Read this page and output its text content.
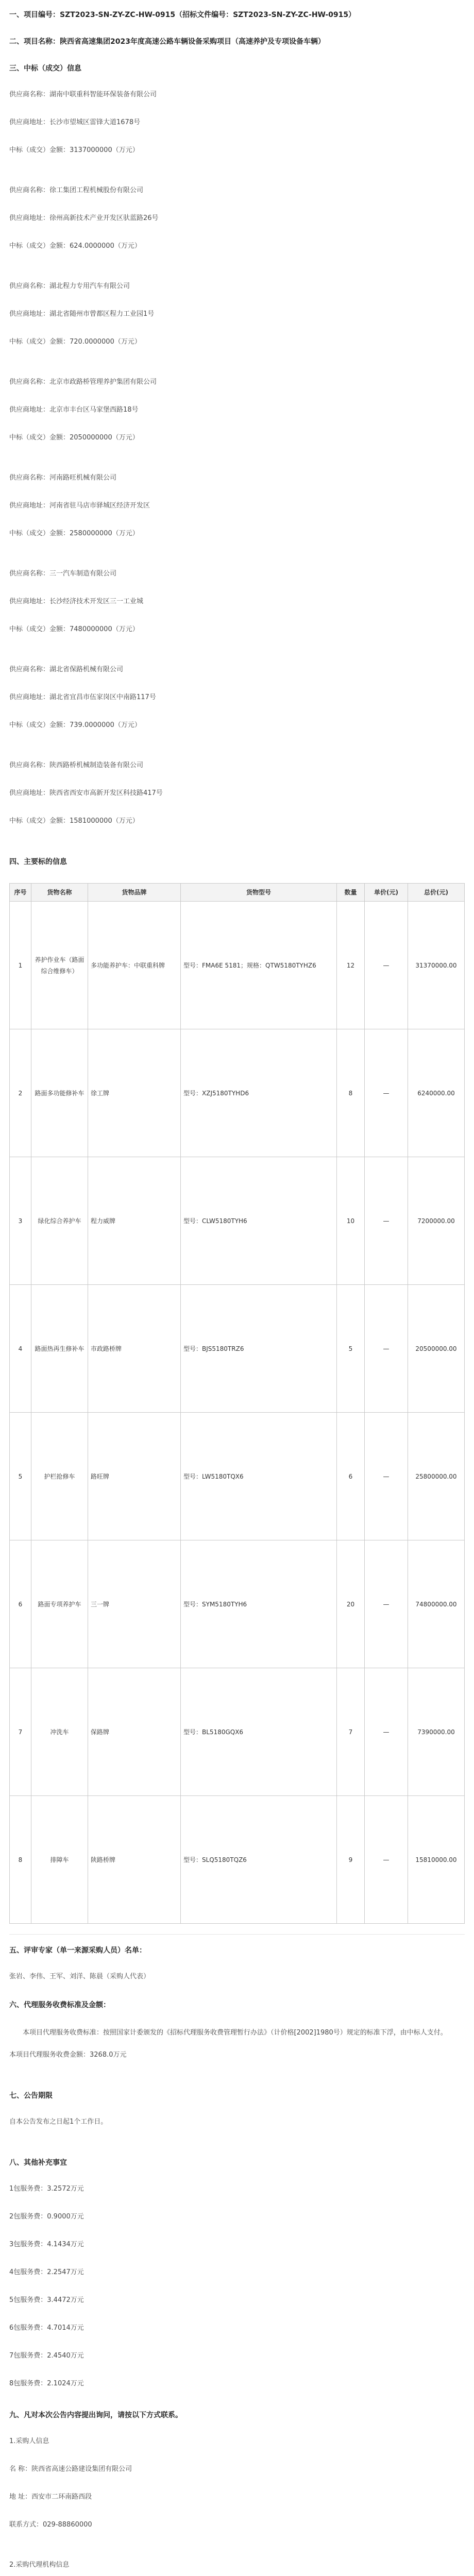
一、项目编号：SZT2023-SN-ZY-ZC-HW-0915（招标文件编号：SZT2023-SN-ZY-ZC-HW-0915）
二、项目名称：陕西省高速集团2023年度高速公路车辆设备采购项目（高速养护及专项设备车辆）
三、中标（成交）信息
供应商名称：湖南中联重科智能环保装备有限公司
供应商地址：长沙市望城区雷锋大道1678号
中标（成交）金额：3137000000（万元）
供应商名称：徐工集团工程机械股份有限公司
供应商地址：徐州高新技术产业开发区驮蓝路26号
中标（成交）金额：624.0000000（万元）
供应商名称：湖北程力专用汽车有限公司
供应商地址：湖北省随州市曾都区程力工业园1号
中标（成交）金额：720.0000000（万元）
供应商名称：北京市政路桥管理养护集团有限公司
供应商地址：北京市丰台区马家堡西路18号
中标（成交）金额：2050000000（万元）
供应商名称：河南路旺机械有限公司
供应商地址：河南省驻马店市驿城区经济开发区
中标（成交）金额：2580000000（万元）
供应商名称：三一汽车制造有限公司
供应商地址：长沙经济技术开发区三一工业城
中标（成交）金额：7480000000（万元）
供应商名称：湖北省保路机械有限公司
供应商地址：湖北省宜昌市伍家岗区中南路117号
中标（成交）金额：739.0000000（万元）
供应商名称：陕西路桥机械制造装备有限公司
供应商地址：陕西省西安市高新开发区科技路417号
中标（成交）金额：1581000000（万元）
四、主要标的信息
序号	货物名称	货物品牌	货物型号	数量	单价(元)	总价(元)
1	养护作业车（路面综合维修车）	多功能养护车：中联重科牌	型号：FMA6E 5181；规格：QTW5180TYHZ6	12	—	31370000.00
2	路面多功能修补车	徐工牌	型号：XZJ5180TYHD6	8	—	6240000.00
3	绿化综合养护车	程力威牌	型号：CLW5180TYH6	10	—	7200000.00
4	路面热再生修补车	市政路桥牌	型号：BJS5180TRZ6	5	—	20500000.00
5	护栏抢修车	路旺牌	型号：LW5180TQX6	6	—	25800000.00
6	路面专项养护车	三一牌	型号：SYM5180TYH6	20	—	74800000.00
7	冲洗车	保路牌	型号：BL5180GQX6	7	—	7390000.00
8	排障车	陕路桥牌	型号：SLQ5180TQZ6	9	—	15810000.00
五、评审专家（单一来源采购人员）名单：
张岩、李伟、王军、刘洋、陈晨（采购人代表）
六、代理服务收费标准及金额：
本项目代理服务收费标准：按照国家计委颁发的《招标代理服务收费管理暂行办法》（计价格[2002]1980号）规定的标准下浮，由中标人支付。
本项目代理服务收费金额：3268.0万元
七、公告期限
自本公告发布之日起1个工作日。
八、其他补充事宜
1包服务费：3.2572万元
2包服务费：0.9000万元
3包服务费：4.1434万元
4包服务费：2.2547万元
5包服务费：3.4472万元
6包服务费：4.7014万元
7包服务费：2.4540万元
8包服务费：2.1024万元
九、凡对本次公告内容提出询问，请按以下方式联系。
1.采购人信息
名 称：陕西省高速公路建设集团有限公司
地 址：西安市二环南路西段
联系方式：029-88860000
2.采购代理机构信息
